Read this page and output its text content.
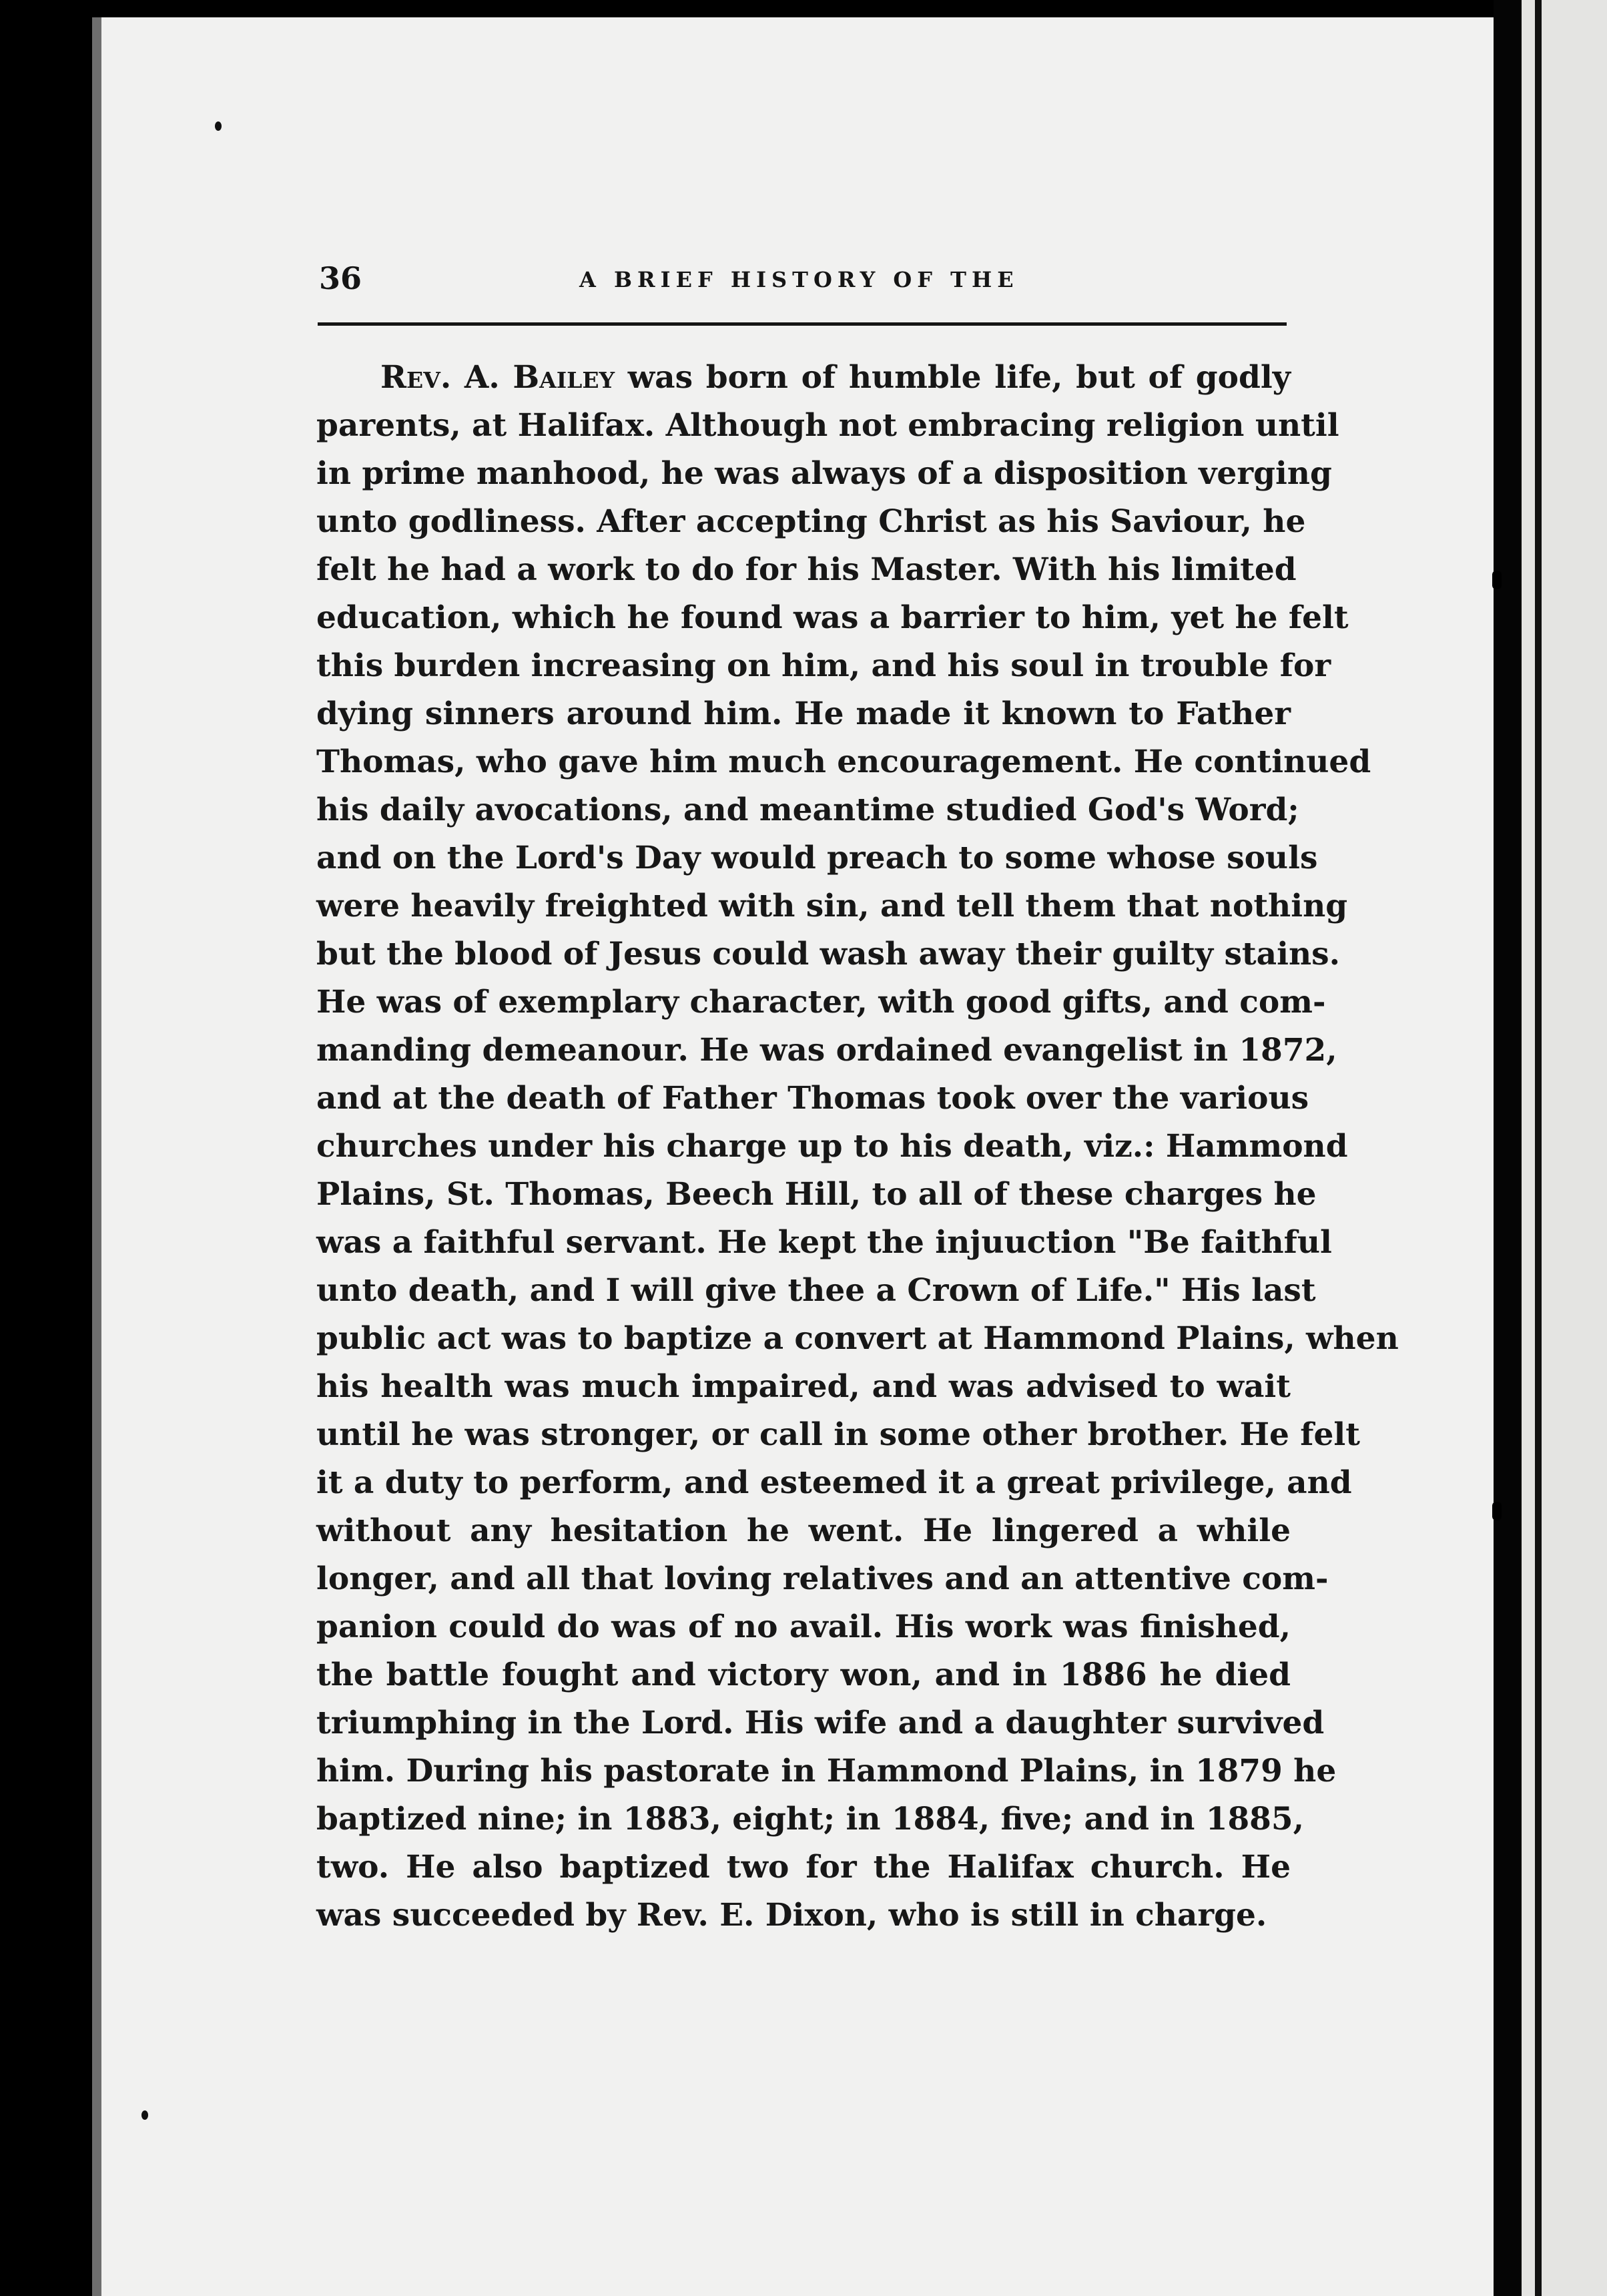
36	A BRIEF HISTORY OF THE
Rev. A. Bailey was born of humble life, but of godly
parents, at Halifax. Although not embracing religion until
in prime manhood, he was always of a disposition verging
unto godliness. After accepting Christ as his Saviour, he
felt he had a work to do for his Master. With his limited
education, which he found was a barrier to him, yet he felt
this burden increasing on him, and his soul in trouble for
dying sinners around him. He made it known to Father
Thomas, who gave him much encouragement. He continued
his daily avocations, and meantime studied God's Word;
and on the Lord's Day would preach to some whose souls
were heavily freighted with sin, and tell them that nothing
but the blood of Jesus could wash away their guilty stains.
He was of exemplary character, with good gifts, and com-
manding demeanour. He was ordained evangelist in 1872,
and at the death of Father Thomas took over the various
churches under his charge up to his death, viz.: Hammond
Plains, St. Thomas, Beech Hill, to all of these charges he
was a faithful servant. He kept the injuuction "Be faithful
unto death, and I will give thee a Crown of Life." His last
public act was to baptize a convert at Hammond Plains, when
his health was much impaired, and was advised to wait
until he was stronger, or call in some other brother. He felt
it a duty to perform, and esteemed it a great privilege, and
without any hesitation he went. He lingered a while
longer, and all that loving relatives and an attentive com-
panion could do was of no avail. His work was finished,
the battle fought and victory won, and in 1886 he died
triumphing in the Lord. His wife and a daughter survived
him. During his pastorate in Hammond Plains, in 1879 he
baptized nine; in 1883, eight; in 1884, five; and in 1885,
two. He also baptized two for the Halifax church. He
was succeeded by Rev. E. Dixon, who is still in charge.
